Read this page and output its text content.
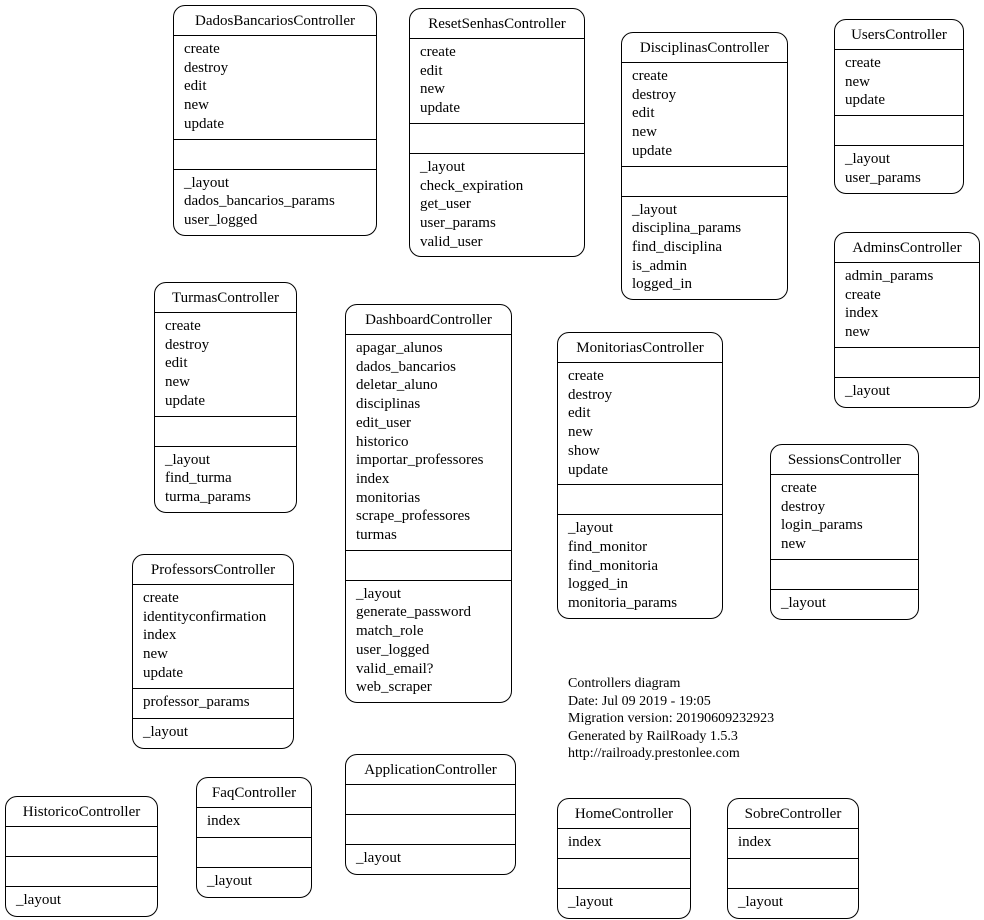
DadosBancariosController
create
destroy
edit
new
update
_layout
dados_bancarios_params
user_logged
ResetSenhasController
create
edit
new
update
_layout
check_expiration
get_user
user_params
valid_user
DisciplinasController
create
destroy
edit
new
update
_layout
disciplina_params
find_disciplina
is_admin
logged_in
UsersController
create
new
update
_layout
user_params
AdminsController
admin_params
create
index
new
_layout
TurmasController
create
destroy
edit
new
update
_layout
find_turma
turma_params
DashboardController
apagar_alunos
dados_bancarios
deletar_aluno
disciplinas
edit_user
historico
importar_professores
index
monitorias
scrape_professores
turmas
_layout
generate_password
match_role
user_logged
valid_email?
web_scraper
MonitoriasController
create
destroy
edit
new
show
update
_layout
find_monitor
find_monitoria
logged_in
monitoria_params
SessionsController
create
destroy
login_params
new
_layout
ProfessorsController
create
identityconfirmation
index
new
update
professor_params
_layout
HistoricoController
_layout
FaqController
index
_layout
ApplicationController
_layout
HomeController
index
_layout
SobreController
index
_layout
Controllers diagram
Date: Jul 09 2019 - 19:05
Migration version: 20190609232923
Generated by RailRoady 1.5.3
http://railroady.prestonlee.com
